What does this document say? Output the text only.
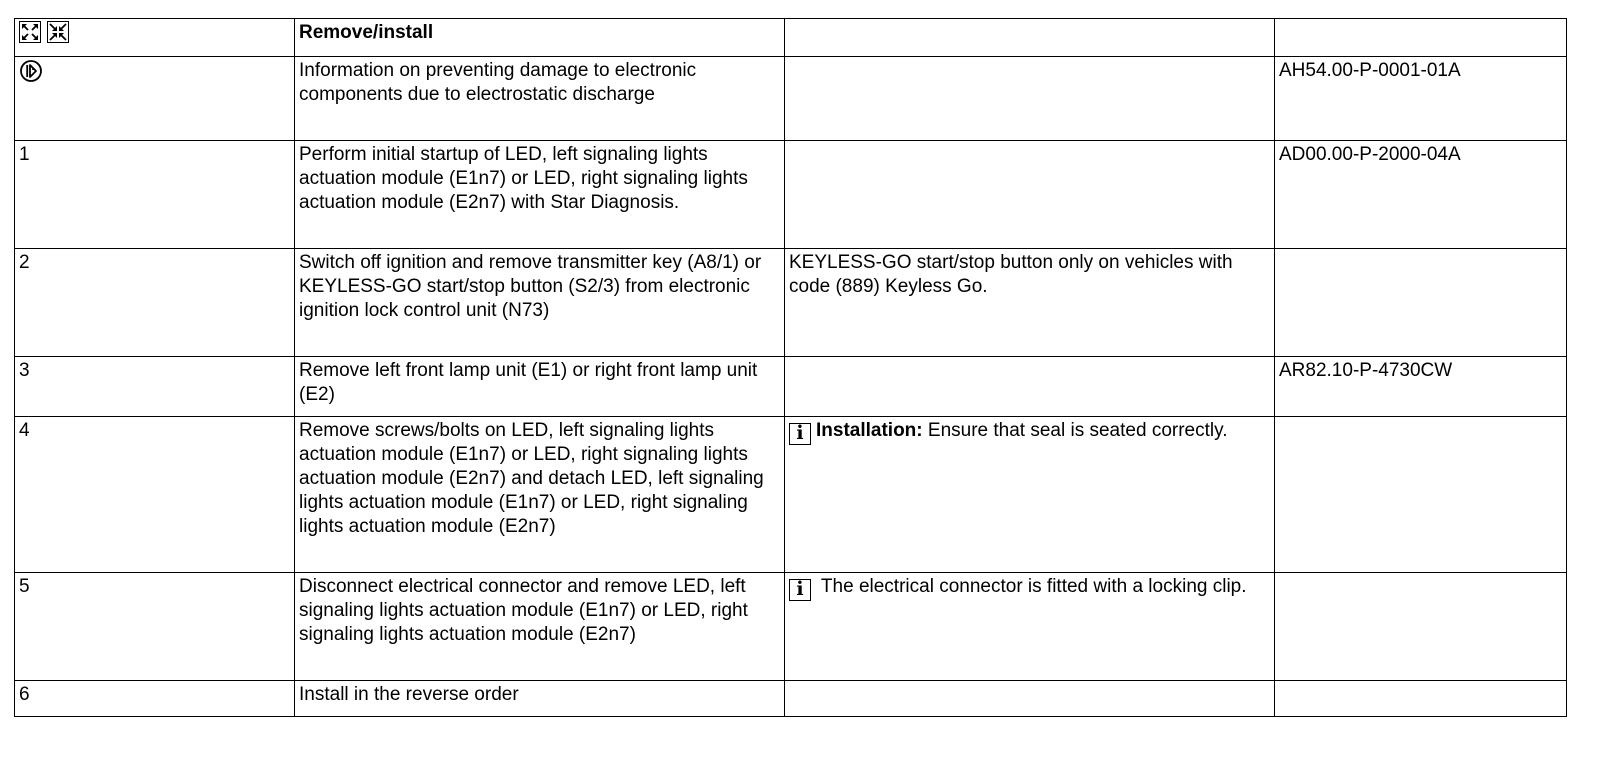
	Remove/install		

	Information on preventing damage to electronic components due to electrostatic discharge		AH54.00-P-0001-01A
1	Perform initial startup of LED, left signaling lights actuation module (E1n7) or LED, right signaling lights actuation module (E2n7) with Star Diagnosis.		AD00.00-P-2000-04A
2	Switch off ignition and remove transmitter key (A8/1) or KEYLESS-GO start/stop button (S2/3) from electronic ignition lock control unit (N73)	KEYLESS-GO start/stop button only on vehicles with code (889) Keyless Go.	
3	Remove left front lamp unit (E1) or right front lamp unit (E2)		AR82.10-P-4730CW
4	Remove screws/bolts on LED, left signaling lights actuation module (E1n7) or LED, right signaling lights actuation module (E2n7) and detach LED, left signaling lights actuation module (E1n7) or LED, right signaling lights actuation module (E2n7)	i Installation: Ensure that seal is seated correctly.	
5	Disconnect electrical connector and remove LED, left signaling lights actuation module (E1n7) or LED, right signaling lights actuation module (E2n7)	i The electrical connector is fitted with a locking clip.	
6	Install in the reverse order		
